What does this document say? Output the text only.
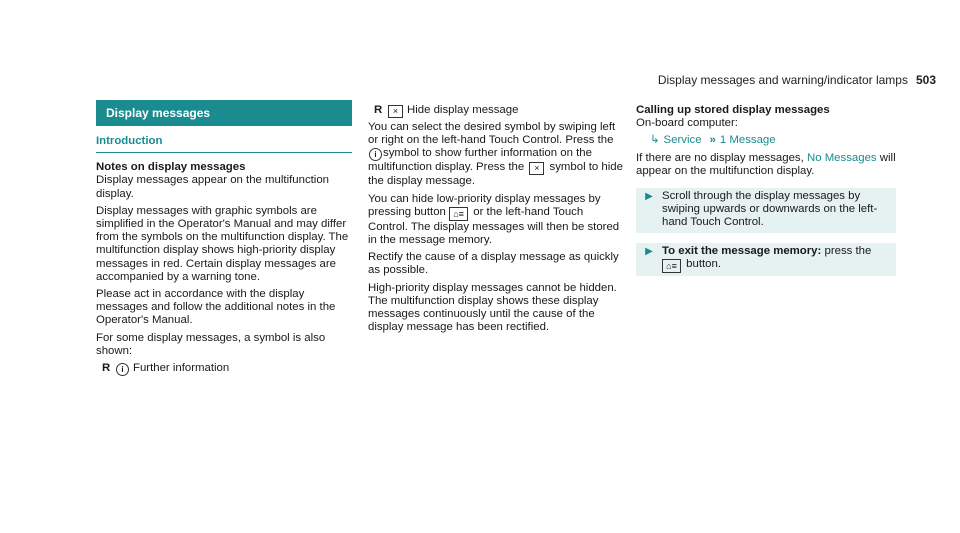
Display messages and warning/indicator lamps 503
Display messages
Introduction
Notes on display messages

Display messages appear on the multifunction display.

Display messages with graphic symbols are simplified in the Operator's Manual and may differ from the symbols on the multifunction display. The multifunction display shows high-priority display messages in red. Certain display messages are accompanied by a warning tone.

Please act in accordance with the display messages and follow the additional notes in the Operator's Manual.

For some display messages, a symbol is also shown:

R	i Further information
R	× Hide display message

You can select the desired symbol by swiping left or right on the left-hand Touch Control. Press the i symbol to show further information on the multifunction display. Press the × symbol to hide the display message.

You can hide low-priority display messages by pressing button ⌂≡ or the left-hand Touch Control. The display messages will then be stored in the message memory.

Rectify the cause of a display message as quickly as possible.

High-priority display messages cannot be hidden. The multifunction display shows these display messages continuously until the cause of the display message has been rectified.

Calling up stored display messages

On-board computer:

↳ Service » 1 Message

If there are no display messages, No Messages will appear on the multifunction display.

▶ Scroll through the display messages by swiping upwards or downwards on the left-hand Touch Control.
▶ To exit the message memory: press the ⌂≡ button.
